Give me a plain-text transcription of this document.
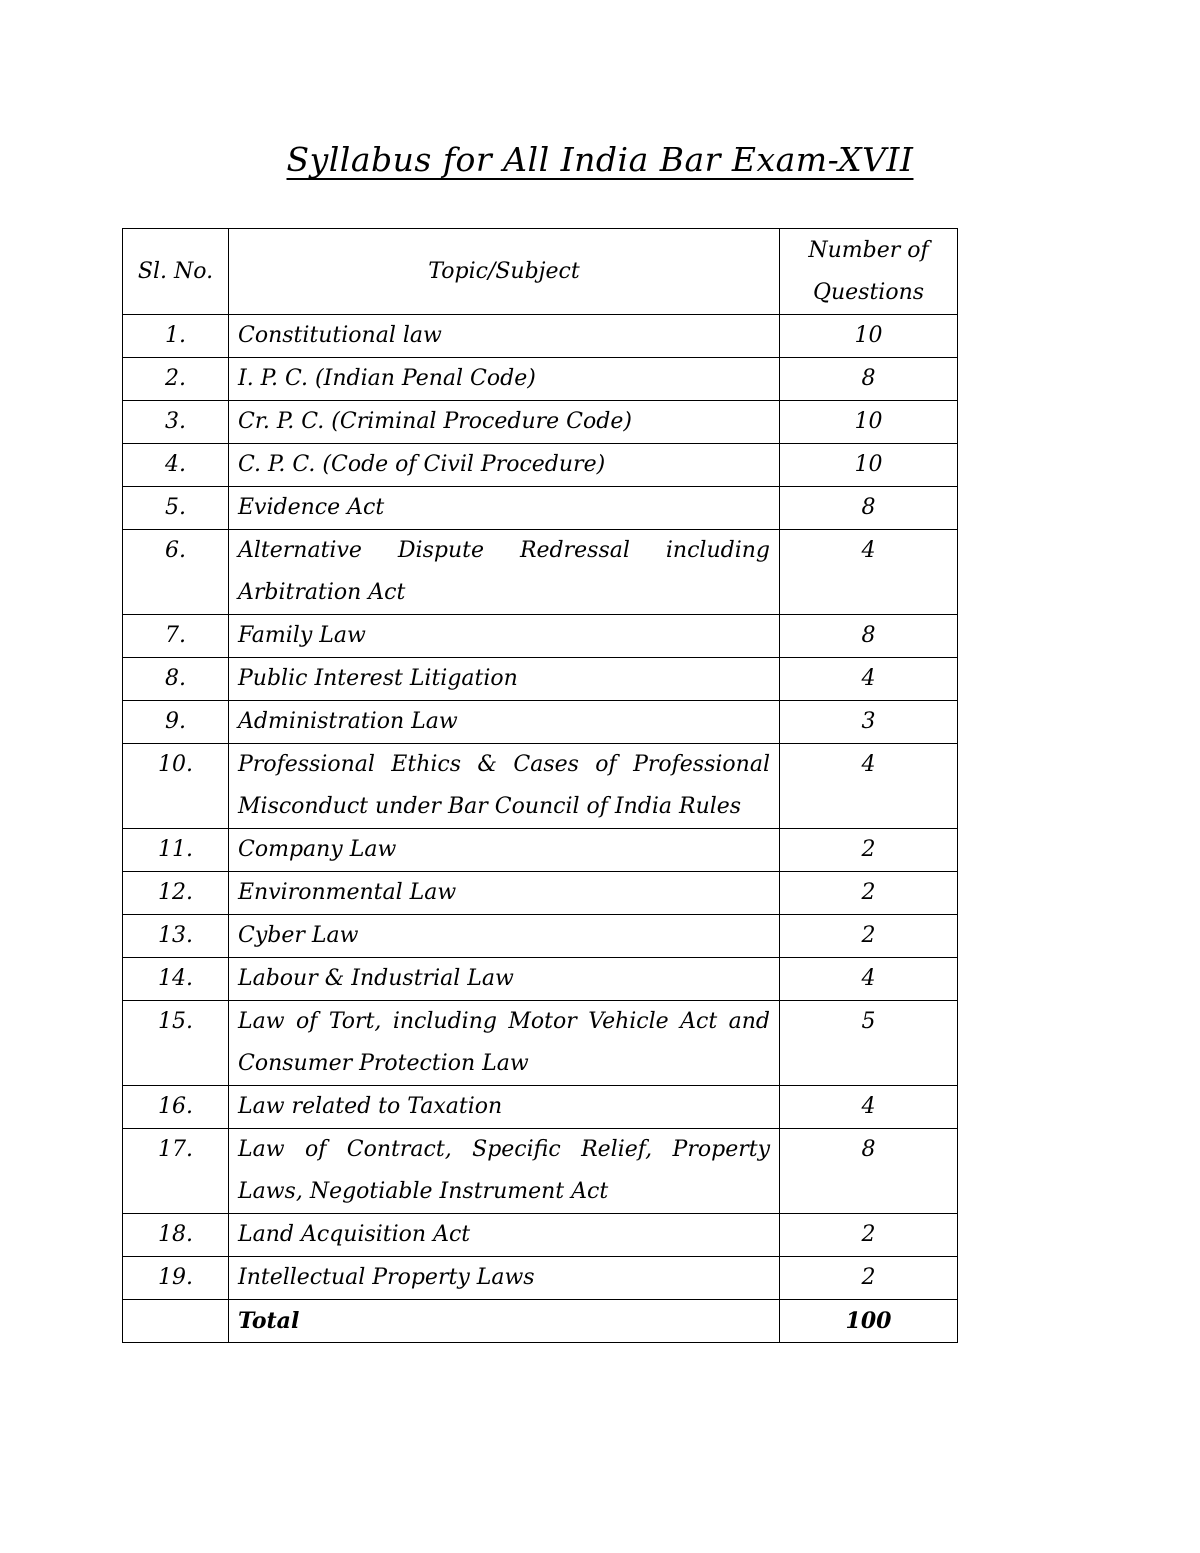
Syllabus for All India Bar Exam-XVII
Sl. No.	Topic/Subject	Number of
Questions
1.	Constitutional law	10
2.	I. P. C. (Indian Penal Code)	8
3.	Cr. P. C. (Criminal Procedure Code)	10
4.	C. P. C. (Code of Civil Procedure)	10
5.	Evidence Act	8
6.	Alternative Dispute Redressal including Arbitration Act	4
7.	Family Law	8
8.	Public Interest Litigation	4
9.	Administration Law	3
10.	Professional Ethics & Cases of Professional Misconduct under Bar Council of India Rules	4
11.	Company Law	2
12.	Environmental Law	2
13.	Cyber Law	2
14.	Labour & Industrial Law	4
15.	Law of Tort, including Motor Vehicle Act and Consumer Protection Law	5
16.	Law related to Taxation	4
17.	Law of Contract, Specific Relief, Property Laws, Negotiable Instrument Act	8
18.	Land Acquisition Act	2
19.	Intellectual Property Laws	2
	Total	100
